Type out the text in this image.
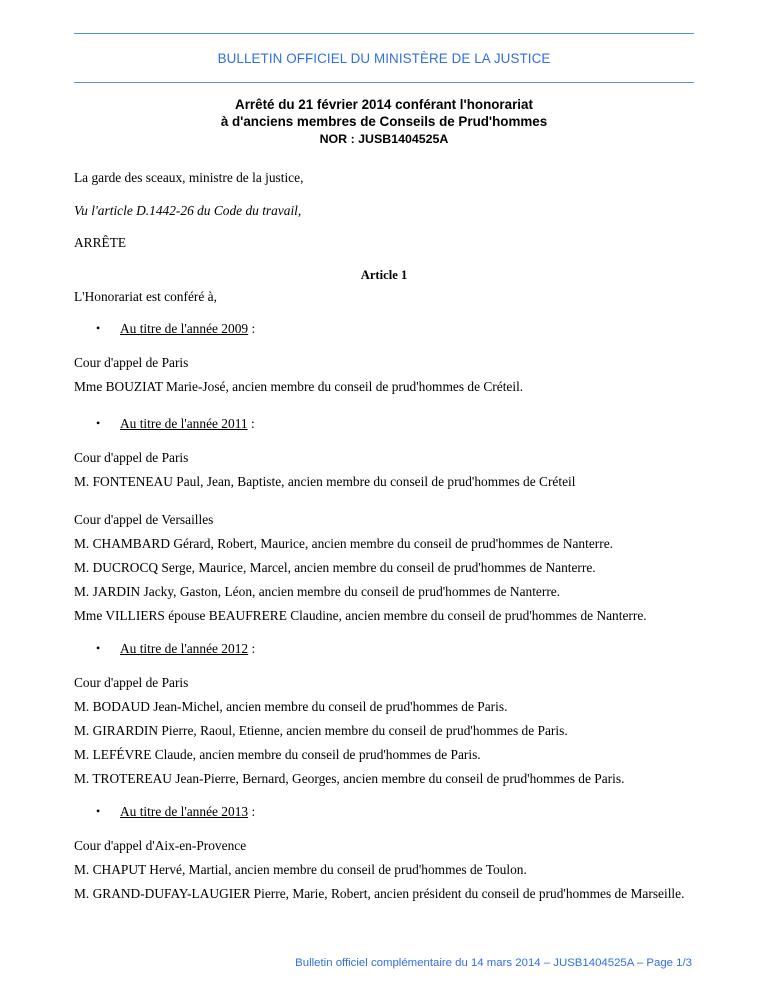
BULLETIN OFFICIEL DU MINISTÈRE DE LA JUSTICE
Arrêté du 21 février 2014 conférant l'honorariat
à d'anciens membres de Conseils de Prud'hommes
NOR : JUSB1404525A
La garde des sceaux, ministre de la justice,
Vu l'article D.1442-26 du Code du travail,
ARRÊTE
Article 1
L'Honorariat est conféré à,
• Au titre de l'année 2009 :
Cour d'appel de Paris
Mme BOUZIAT Marie-José, ancien membre du conseil de prud'hommes de Créteil.
• Au titre de l'année 2011 :
Cour d'appel de Paris
M. FONTENEAU Paul, Jean, Baptiste, ancien membre du conseil de prud'hommes de Créteil
Cour d'appel de Versailles
M. CHAMBARD Gérard, Robert, Maurice, ancien membre du conseil de prud'hommes de Nanterre.
M. DUCROCQ Serge, Maurice, Marcel, ancien membre du conseil de prud'hommes de Nanterre.
M. JARDIN Jacky, Gaston, Léon, ancien membre du conseil de prud'hommes de Nanterre.
Mme VILLIERS épouse BEAUFRERE Claudine, ancien membre du conseil de prud'hommes de Nanterre.
• Au titre de l'année 2012 :
Cour d'appel de Paris
M. BODAUD Jean-Michel, ancien membre du conseil de prud'hommes de Paris.
M. GIRARDIN Pierre, Raoul, Etienne, ancien membre du conseil de prud'hommes de Paris.
M. LEFÉVRE Claude, ancien membre du conseil de prud'hommes de Paris.
M. TROTEREAU Jean-Pierre, Bernard, Georges, ancien membre du conseil de prud'hommes de Paris.
• Au titre de l'année 2013 :
Cour d'appel d'Aix-en-Provence
M. CHAPUT Hervé, Martial, ancien membre du conseil de prud'hommes de Toulon.
M. GRAND-DUFAY-LAUGIER Pierre, Marie, Robert, ancien président du conseil de prud'hommes de Marseille.
Bulletin officiel complémentaire du 14 mars 2014 – JUSB1404525A – Page 1/3
